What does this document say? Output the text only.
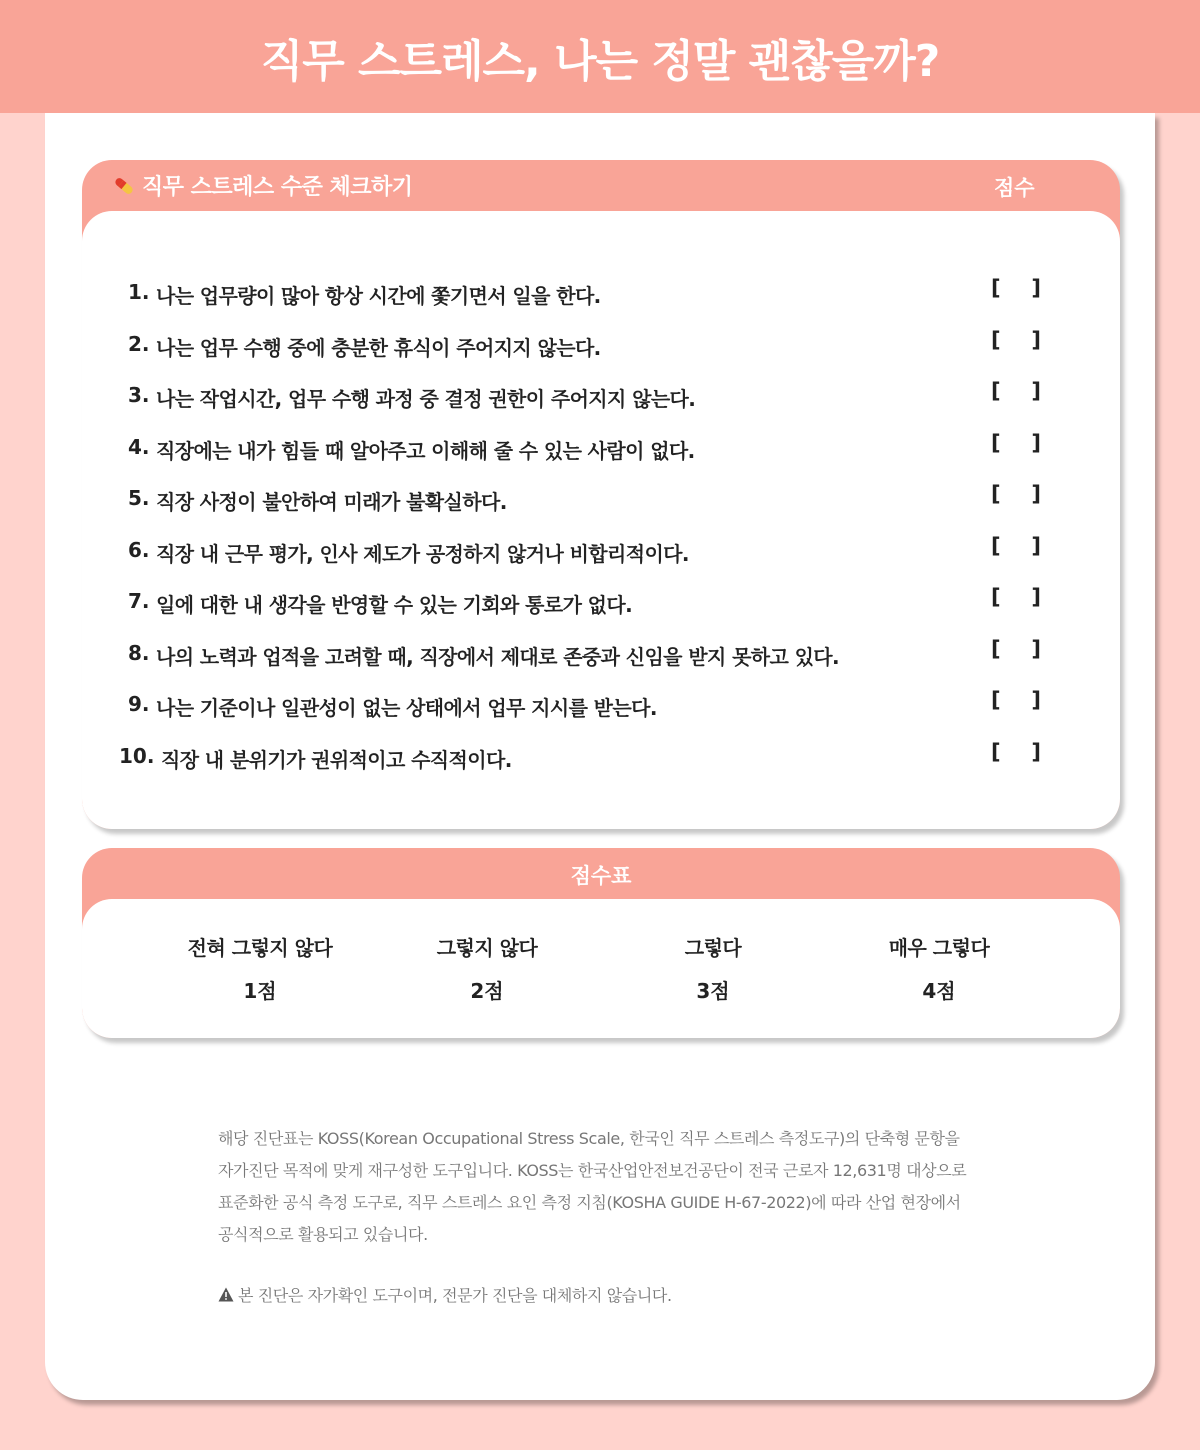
직무 스트레스, 나는 정말 괜찮을까?
직무 스트레스 수준 체크하기	점수
1. 나는 업무량이 많아 항상 시간에 쫓기면서 일을 한다.	[ ]
2. 나는 업무 수행 중에 충분한 휴식이 주어지지 않는다.	[ ]
3. 나는 작업시간, 업무 수행 과정 중 결정 권한이 주어지지 않는다.	[ ]
4. 직장에는 내가 힘들 때 알아주고 이해해 줄 수 있는 사람이 없다.	[ ]
5. 직장 사정이 불안하여 미래가 불확실하다.	[ ]
6. 직장 내 근무 평가, 인사 제도가 공정하지 않거나 비합리적이다.	[ ]
7. 일에 대한 내 생각을 반영할 수 있는 기회와 통로가 없다.	[ ]
8. 나의 노력과 업적을 고려할 때, 직장에서 제대로 존중과 신임을 받지 못하고 있다.	[ ]
9. 나는 기준이나 일관성이 없는 상태에서 업무 지시를 받는다.	[ ]
10. 직장 내 분위기가 권위적이고 수직적이다.	[ ]
점수표
전혀 그렇지 않다
1점
그렇지 않다
2점
그렇다
3점
매우 그렇다
4점
해당 진단표는 KOSS(Korean Occupational Stress Scale, 한국인 직무 스트레스 측정도구)의 단축형 문항을
자가진단 목적에 맞게 재구성한 도구입니다. KOSS는 한국산업안전보건공단이 전국 근로자 12,631명 대상으로
표준화한 공식 측정 도구로, 직무 스트레스 요인 측정 지침(KOSHA GUIDE H-67-2022)에 따라 산업 현장에서
공식적으로 활용되고 있습니다.
본 진단은 자가확인 도구이며, 전문가 진단을 대체하지 않습니다.
